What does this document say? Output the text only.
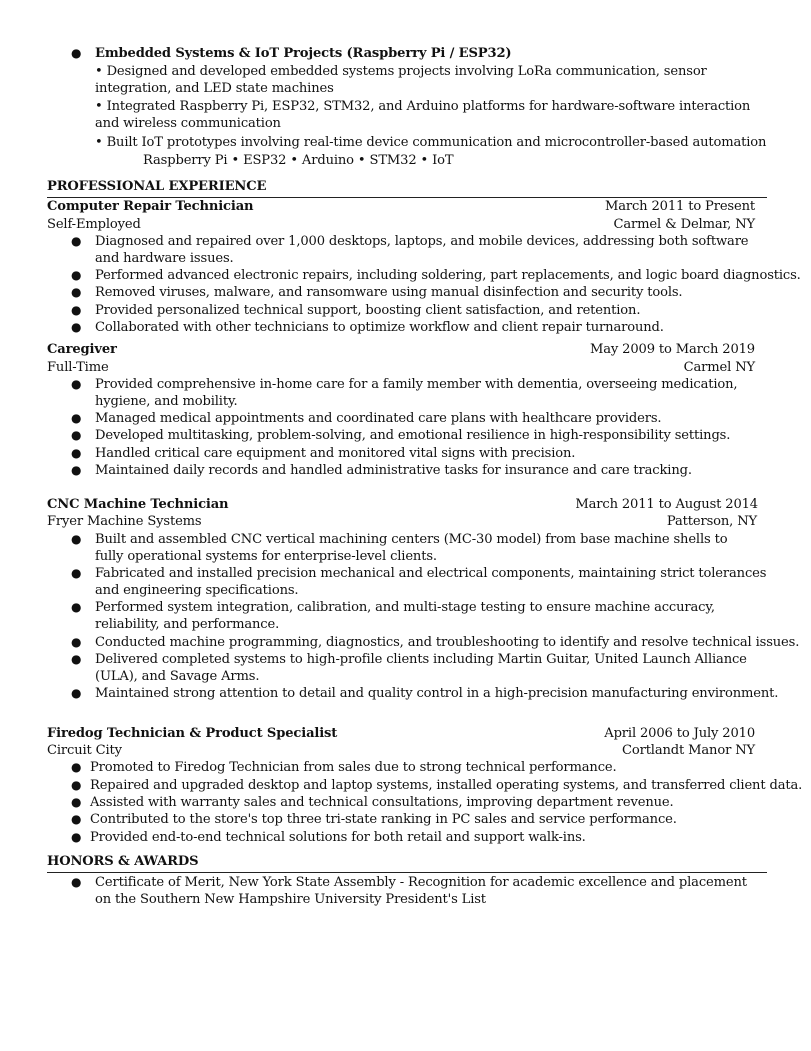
● Embedded Systems & IoT Projects (Raspberry Pi / ESP32)
• Designed and developed embedded systems projects involving LoRa communication, sensor integration, and LED state machines
• Integrated Raspberry Pi, ESP32, STM32, and Arduino platforms for hardware-software interaction and wireless communication
• Built IoT prototypes involving real-time device communication and microcontroller-based automation
Raspberry Pi • ESP32 • Arduino • STM32 • IoT
PROFESSIONAL EXPERIENCE
Computer Repair Technician	March 2011 to Present
Self-Employed	Carmel & Delmar, NY
● Diagnosed and repaired over 1,000 desktops, laptops, and mobile devices, addressing both software and hardware issues.
● Performed advanced electronic repairs, including soldering, part replacements, and logic board diagnostics.
● Removed viruses, malware, and ransomware using manual disinfection and security tools.
● Provided personalized technical support, boosting client satisfaction, and retention.
● Collaborated with other technicians to optimize workflow and client repair turnaround.
Caregiver	May 2009 to March 2019
Full-Time	Carmel NY
● Provided comprehensive in-home care for a family member with dementia, overseeing medication, hygiene, and mobility.
● Managed medical appointments and coordinated care plans with healthcare providers.
● Developed multitasking, problem-solving, and emotional resilience in high-responsibility settings.
● Handled critical care equipment and monitored vital signs with precision.
● Maintained daily records and handled administrative tasks for insurance and care tracking.
CNC Machine Technician	March 2011 to August 2014
Fryer Machine Systems	Patterson, NY
● Built and assembled CNC vertical machining centers (MC-30 model) from base machine shells to fully operational systems for enterprise-level clients.
● Fabricated and installed precision mechanical and electrical components, maintaining strict tolerances and engineering specifications.
● Performed system integration, calibration, and multi-stage testing to ensure machine accuracy, reliability, and performance.
● Conducted machine programming, diagnostics, and troubleshooting to identify and resolve technical issues.
● Delivered completed systems to high-profile clients including Martin Guitar, United Launch Alliance (ULA), and Savage Arms.
● Maintained strong attention to detail and quality control in a high-precision manufacturing environment.
Firedog Technician & Product Specialist	April 2006 to July 2010
Circuit City	Cortlandt Manor NY
● Promoted to Firedog Technician from sales due to strong technical performance.
● Repaired and upgraded desktop and laptop systems, installed operating systems, and transferred client data.
● Assisted with warranty sales and technical consultations, improving department revenue.
● Contributed to the store's top three tri-state ranking in PC sales and service performance.
● Provided end-to-end technical solutions for both retail and support walk-ins.
HONORS & AWARDS
● Certificate of Merit, New York State Assembly - Recognition for academic excellence and placement on the Southern New Hampshire University President's List
